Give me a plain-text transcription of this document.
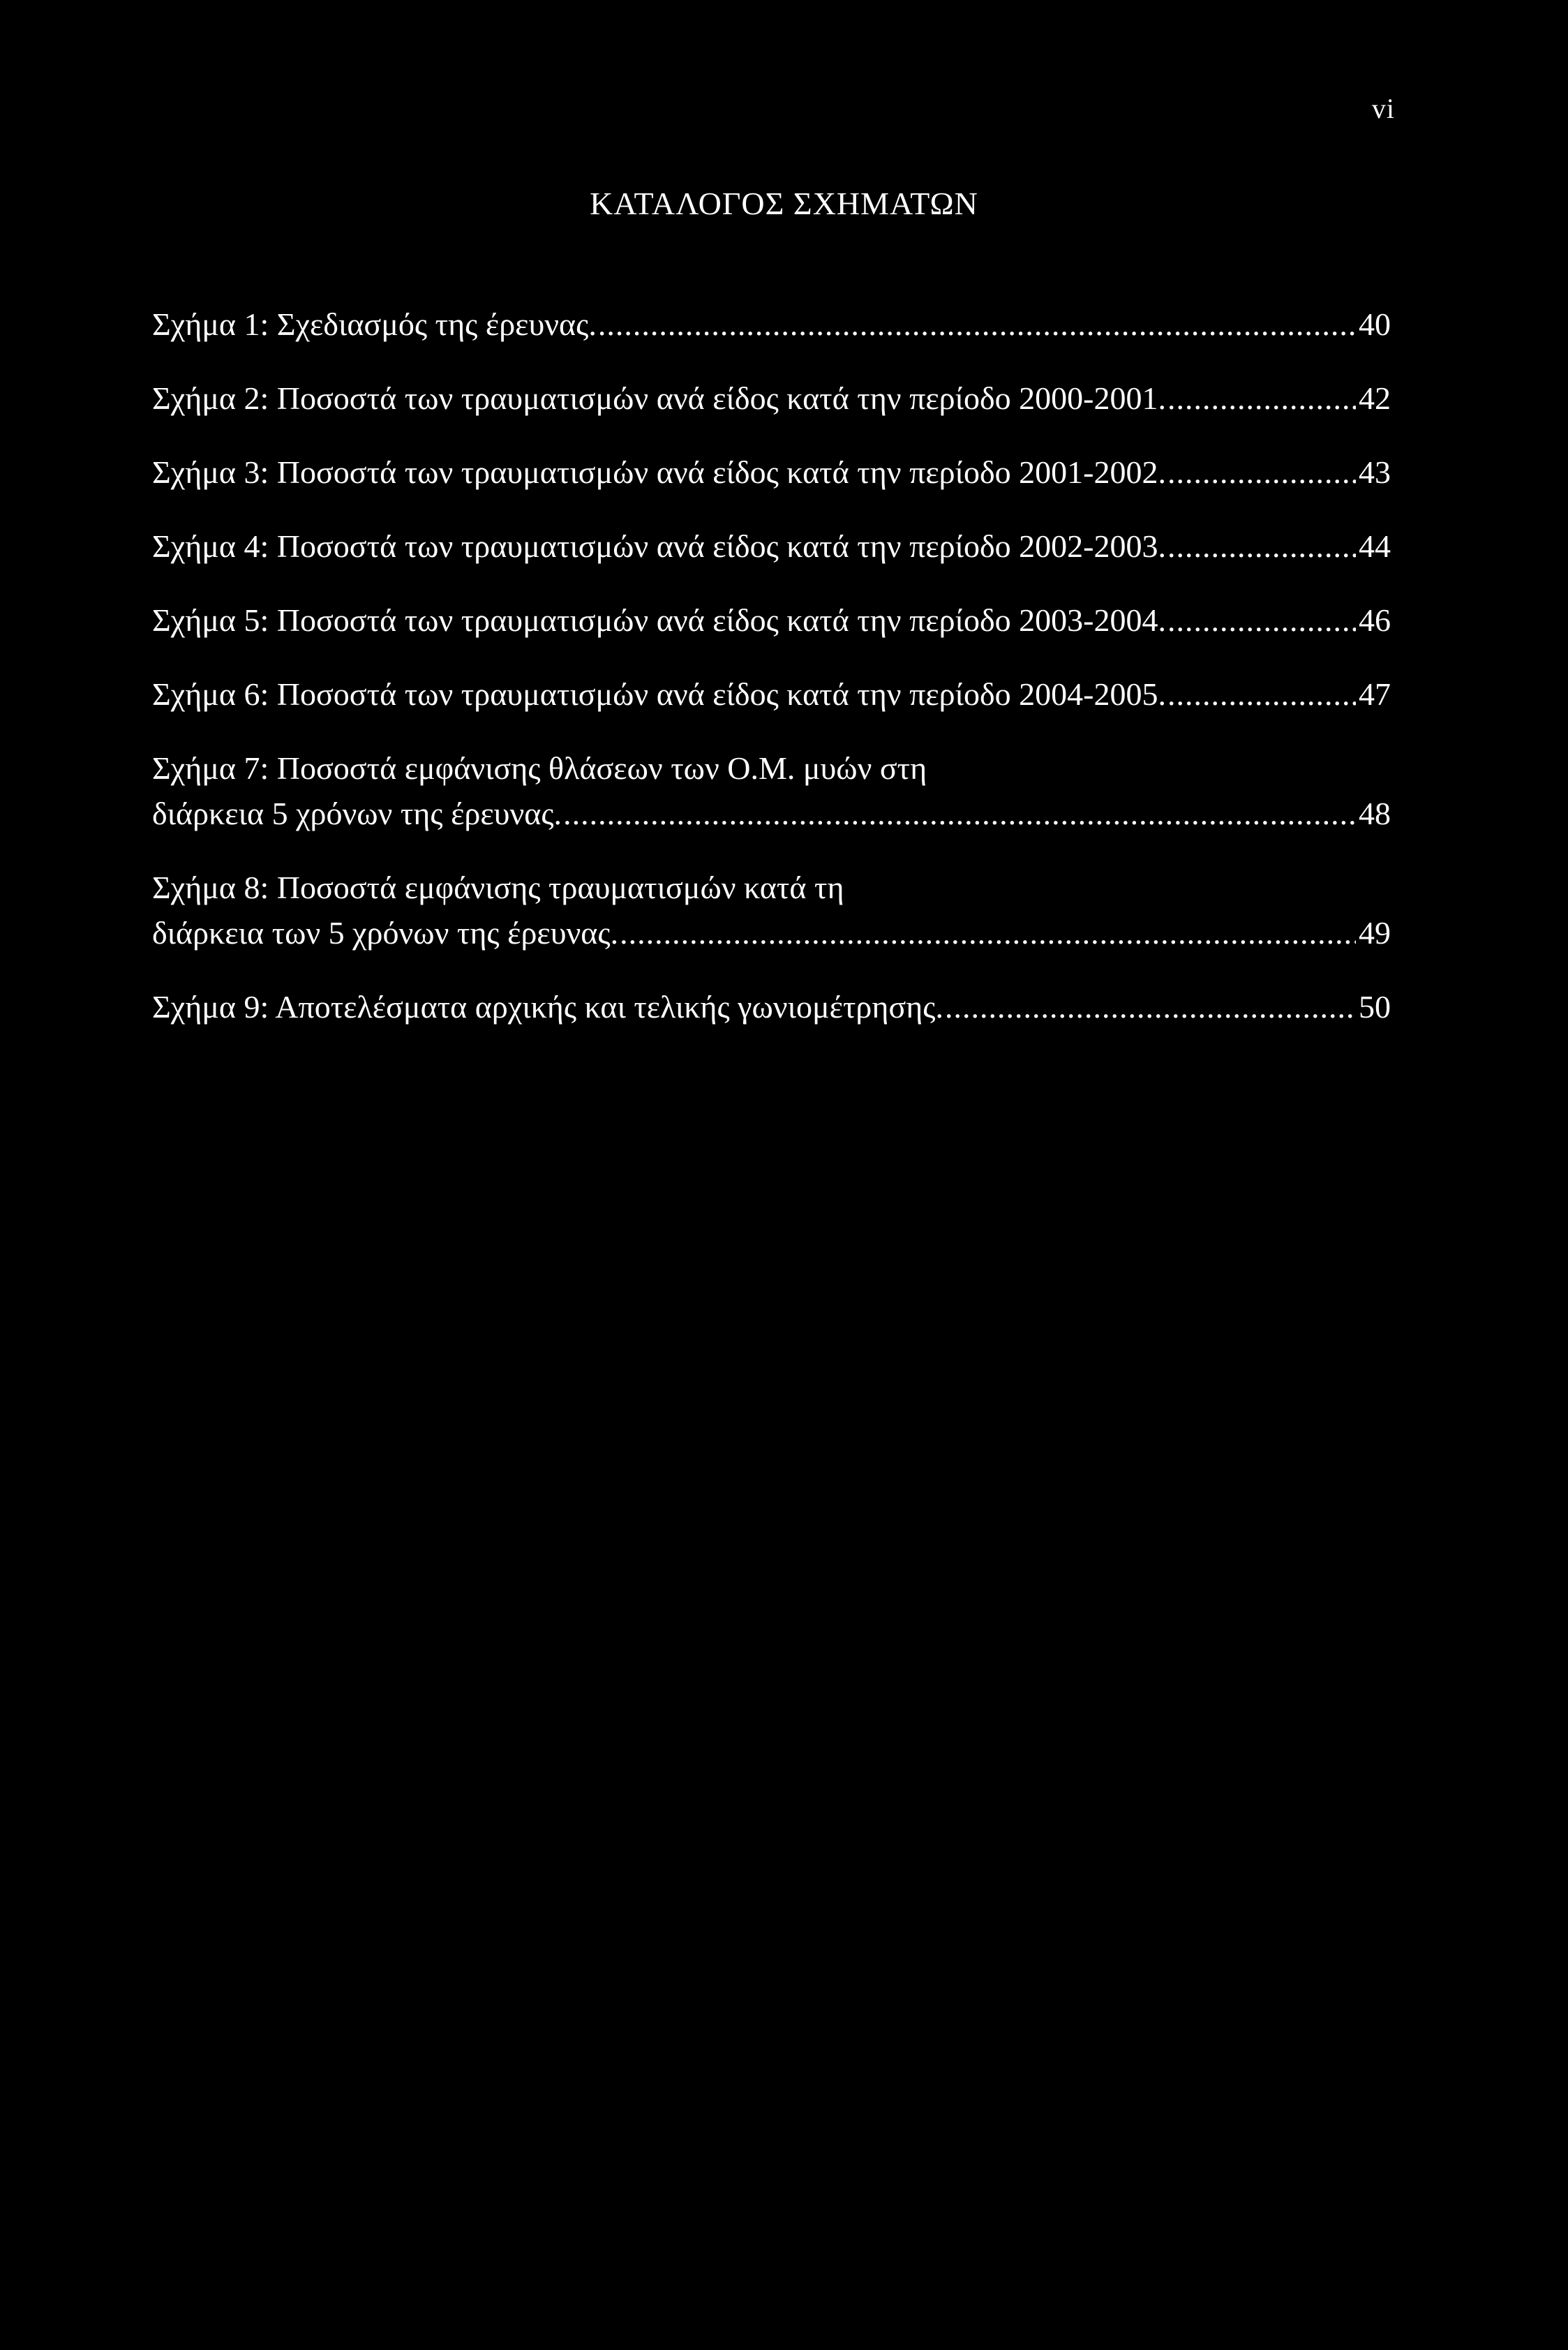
vi
ΚΑΤΑΛΟΓΟΣ ΣΧΗΜΑΤΩΝ
Σχήμα 1: Σχεδιασμός της έρευνας. .....	40
Σχήμα 2: Ποσοστά των τραυματισμών ανά είδος κατά την περίοδο 2000-2001. .....	42
Σχήμα 3: Ποσοστά των τραυματισμών ανά είδος κατά την περίοδο 2001-2002. .....	43
Σχήμα 4: Ποσοστά των τραυματισμών ανά είδος κατά την περίοδο 2002-2003. .....	44
Σχήμα 5: Ποσοστά των τραυματισμών ανά είδος κατά την περίοδο 2003-2004. .....	46
Σχήμα 6: Ποσοστά των τραυματισμών ανά είδος κατά την περίοδο 2004-2005. .....	47
Σχήμα 7: Ποσοστά εμφάνισης θλάσεων των Ο.Μ. μυών στη
διάρκεια 5 χρόνων της έρευνας. .....	48
Σχήμα 8: Ποσοστά εμφάνισης τραυματισμών κατά τη
διάρκεια των 5 χρόνων της έρευνας. .....	49
Σχήμα 9: Αποτελέσματα αρχικής και τελικής γωνιομέτρησης. .....	50
